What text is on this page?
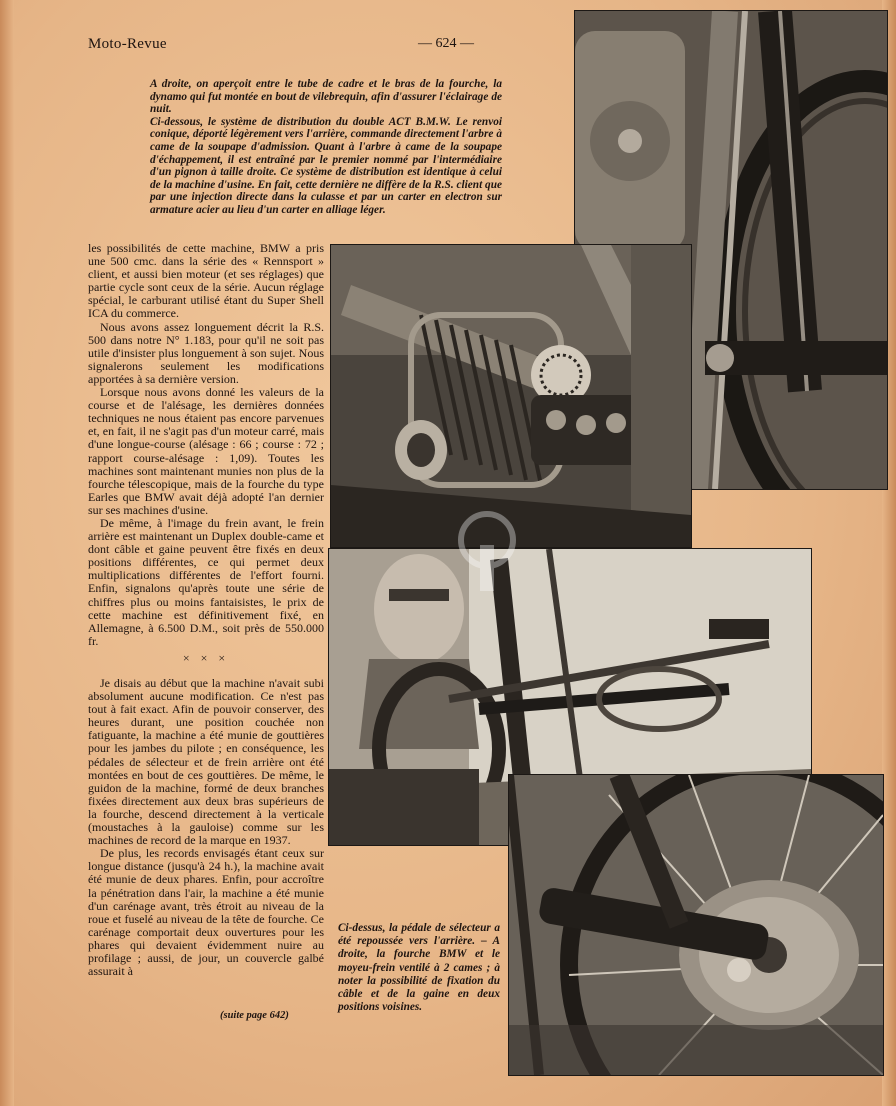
Moto-Revue	— 624 —

A droite, on aperçoit entre le tube de cadre et le bras de la fourche, la dynamo qui fut montée en bout de vilebrequin, afin d'assurer l'éclairage de nuit.

Ci-dessous, le système de distribution du double ACT B.M.W. Le renvoi conique, déporté légèrement vers l'arrière, commande directement l'arbre à came de la soupape d'admission. Quant à l'arbre à came de la soupape d'échappement, il est entraîné par le premier nommé par l'intermédiaire d'un pignon à taille droite. Ce système de distribution est identique à celui de la machine d'usine. En fait, cette dernière ne diffère de la R.S. client que par une injection directe dans la culasse et par un carter en electron sur armature acier au lieu d'un carter en alliage léger.

les possibilités de cette machine, BMW a pris une 500 cmc. dans la série des « Rennsport » client, et aussi bien moteur (et ses réglages) que partie cycle sont ceux de la série. Aucun réglage spécial, le carburant utilisé étant du Super Shell ICA du commerce.

Nous avons assez longuement décrit la R.S. 500 dans notre N° 1.183, pour qu'il ne soit pas utile d'insister plus longuement à son sujet. Nous signalerons seulement les modifications apportées à sa dernière version.

Lorsque nous avons donné les valeurs de la course et de l'alésage, les dernières données techniques ne nous étaient pas encore parvenues et, en fait, il ne s'agit pas d'un moteur carré, mais d'une longue-course (alésage : 66 ; course : 72 ; rapport course-alésage : 1,09). Toutes les machines sont maintenant munies non plus de la fourche télescopique, mais de la fourche du type Earles que BMW avait déjà adopté l'an dernier sur ses machines d'usine.

De même, à l'image du frein avant, le frein arrière est maintenant un Duplex double-came et dont câble et gaine peuvent être fixés en deux positions différentes, ce qui permet deux multiplications différentes de l'effort fourni. Enfin, signalons qu'après toute une série de chiffres plus ou moins fantaisistes, le prix de cette machine est définitivement fixé, en Allemagne, à 6.500 D.M., soit près de 550.000 fr.

× × ×

Je disais au début que la machine n'avait subi absolument aucune modification. Ce n'est pas tout à fait exact. Afin de pouvoir conserver, des heures durant, une position couchée non fatiguante, la machine a été munie de gouttières pour les jambes du pilote ; en conséquence, les pédales de sélecteur et de frein arrière ont été montées en bout de ces gouttières. De même, le guidon de la machine, formé de deux branches fixées directement aux deux bras supérieurs de la fourche, descend directement à la verticale (moustaches à la gauloise) comme sur les machines de record de la marque en 1937.

De plus, les records envisagés étant ceux sur longue distance (jusqu'à 24 h.), la machine avait été munie de deux phares. Enfin, pour accroître la pénétration dans l'air, la machine a été munie d'un carénage avant, très étroit au niveau de la roue et fuselé au niveau de la tête de fourche. Ce carénage comportait deux ouvertures pour les phares qui devaient évidemment nuire au profilage ; aussi, de jour, un couvercle galbé assurait à

(suite page 642)
Ci-dessus, la pédale de sélecteur a été repoussée vers l'arrière. – A droite, la fourche BMW et le moyeu-frein ventilé à 2 cames ; à noter la possibilité de fixation du câble et de la gaine en deux positions voisines.
